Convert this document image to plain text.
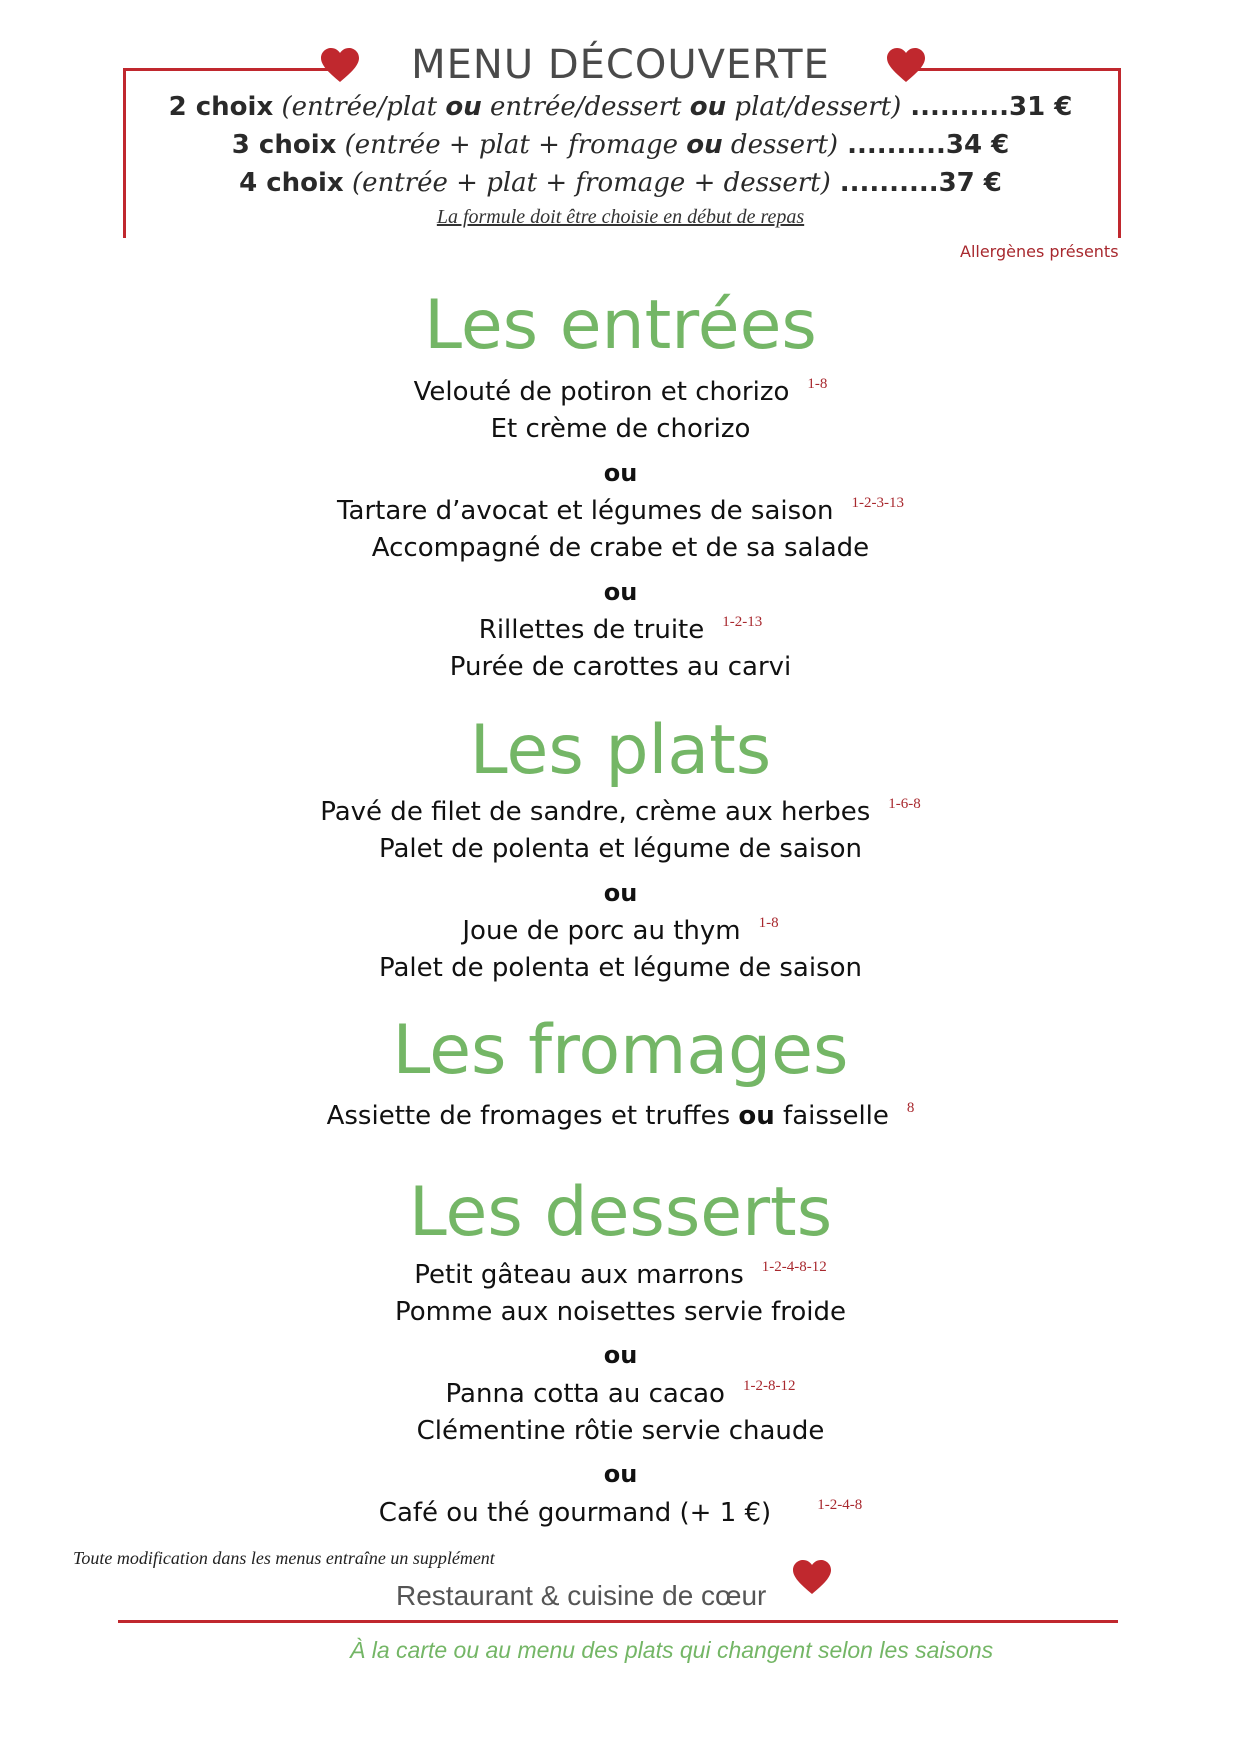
MENU DÉCOUVERTE
2 choix (entrée/plat ou entrée/dessert ou plat/dessert) ..........31 €
3 choix (entrée + plat + fromage ou dessert) ..........34 €
4 choix (entrée + plat + fromage + dessert) ..........37 €
La formule doit être choisie en début de repas
Allergènes présents
Les entrées
Velouté de potiron et chorizo $^{1-8}$
Et crème de chorizo
ou
Tartare d’avocat et légumes de saison $^{1-2-3-13}$
Accompagné de crabe et de sa salade
ou
Rillettes de truite $^{1-2-13}$
Purée de carottes au carvi
Les plats
Pavé de filet de sandre, crème aux herbes $^{1-6-8}$
Palet de polenta et légume de saison
ou
Joue de porc au thym $^{1-8}$
Palet de polenta et légume de saison
Les fromages
Assiette de fromages et truffes ou faisselle $^8$
Les desserts
Petit gâteau aux marrons $^{1-2-4-8-12}$
Pomme aux noisettes servie froide
ou
Panna cotta au cacao $^{1-2-8-12}$
Clémentine rôtie servie chaude
ou
Café ou thé gourmand (+ 1 €)	$^{1-2-4-8}$
Toute modification dans les menus entraîne un supplément
Restaurant & cuisine de cœur
À la carte ou au menu des plats qui changent selon les saisons
